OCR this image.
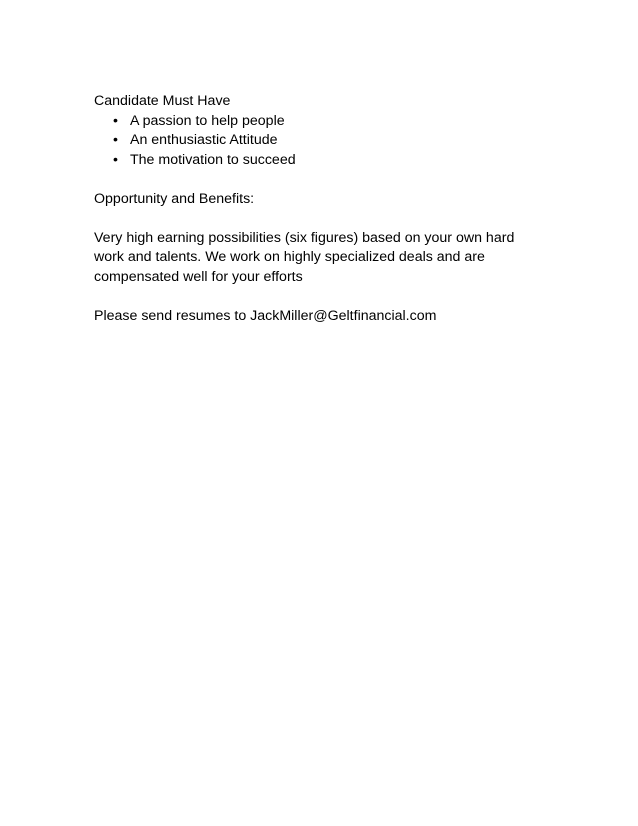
Candidate Must Have

• A passion to help people
• An enthusiastic Attitude
• The motivation to succeed

Opportunity and Benefits:

Very high earning possibilities (six figures) based on your own hard
work and talents. We work on highly specialized deals and are
compensated well for your efforts

Please send resumes to JackMiller@Geltfinancial.com
